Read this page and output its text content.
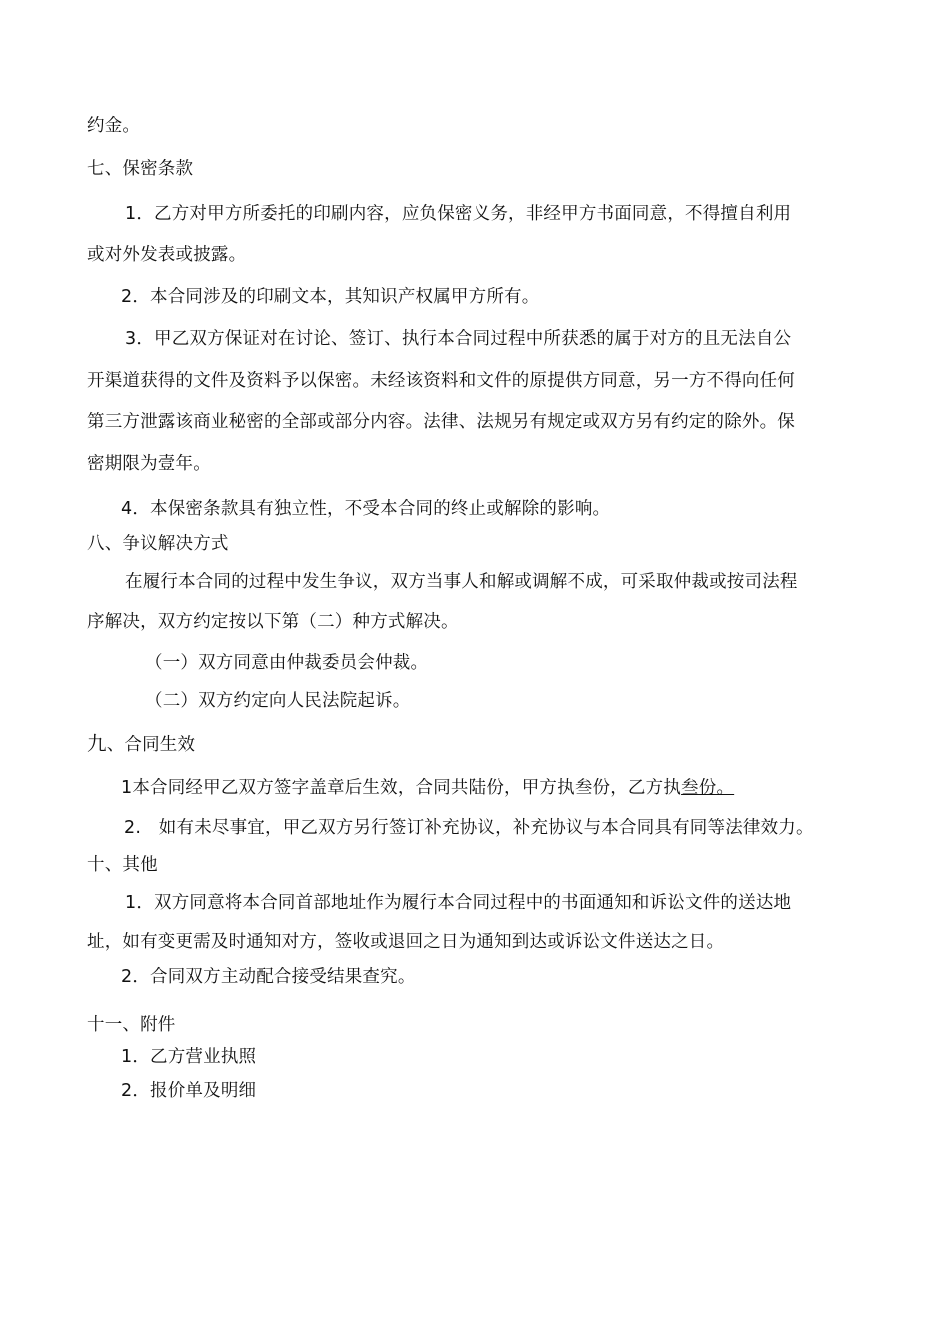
约金。
七、保密条款
1．乙方对甲方所委托的印刷内容，应负保密义务，非经甲方书面同意，不得擅自利用
或对外发表或披露。
2．本合同涉及的印刷文本，其知识产权属甲方所有。
3．甲乙双方保证对在讨论、签订、执行本合同过程中所获悉的属于对方的且无法自公
开渠道获得的文件及资料予以保密。未经该资料和文件的原提供方同意，另一方不得向任何
第三方泄露该商业秘密的全部或部分内容。法律、法规另有规定或双方另有约定的除外。保
密期限为壹年。
4．本保密条款具有独立性，不受本合同的终止或解除的影响。
八、争议解决方式
在履行本合同的过程中发生争议，双方当事人和解或调解不成，可采取仲裁或按司法程
序解决，双方约定按以下第（二）种方式解决。
（一）双方同意由仲裁委员会仲裁。
（二）双方约定向人民法院起诉。
九、合同生效
1本合同经甲乙双方签字盖章后生效，合同共陆份，甲方执叁份，乙方执叁份。
2.　如有未尽事宜，甲乙双方另行签订补充协议，补充协议与本合同具有同等法律效力。
十、其他
1．双方同意将本合同首部地址作为履行本合同过程中的书面通知和诉讼文件的送达地
址，如有变更需及时通知对方，签收或退回之日为通知到达或诉讼文件送达之日。
2．合同双方主动配合接受结果查究。
十一、附件
1．乙方营业执照
2．报价单及明细
